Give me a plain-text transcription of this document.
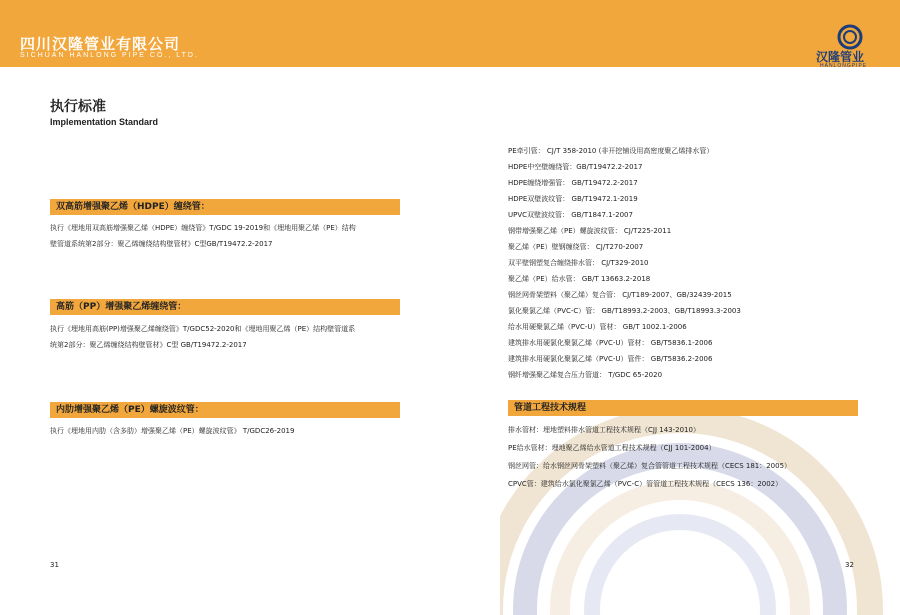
四川汉隆管业有限公司
SICHUAN HANLONG PIPE CO., LTD.	汉隆管业
HANLONGPIPE
执行标准
Implementation Standard
双高筋增强聚乙烯（HDPE）缠绕管：
执行《埋地用双高筋增强聚乙烯（HDPE）缠绕管》T/GDC 19-2019和《埋地用聚乙烯（PE）结构
壁管道系统第2部分：聚乙烯缠绕结构壁管材》C型GB/T19472.2-2017
高筋（PP）增强聚乙烯缠绕管：
执行《埋地用高筋(PP)增强聚乙烯缠绕管》T/GDC52-2020和《埋地用聚乙烯（PE）结构壁管道系
统第2部分：聚乙烯缠绕结构壁管材》C型 GB/T19472.2-2017
内肋增强聚乙烯（PE）螺旋波纹管：
执行《埋地用内肋（含多肋）增强聚乙烯（PE）螺旋波纹管》 T/GDC26-2019
PE牵引管： CJ/T 358-2010 (非开挖铺设用高密度聚乙烯排水管）
HDPE中空壁缠绕管：GB/T19472.2-2017
HDPE缠绕增强管： GB/T19472.2-2017
HDPE双壁波纹管： GB/T19472.1-2019
UPVC双壁波纹管： GB/T1847.1-2007
钢带增强聚乙烯（PE）螺旋波纹管： CJ/T225-2011
聚乙烯（PE）壁钢缠绕管： CJ/T270-2007
双平壁钢塑复合缠绕排水管： CJ/T329-2010
聚乙烯（PE）给水管： GB/T 13663.2-2018
钢丝网骨架塑料（聚乙烯）复合管： CJ/T189-2007、GB/32439-2015
氯化聚氯乙烯（PVC-C）管： GB/T18993.2-2003、GB/T18993.3-2003
给水用硬聚氯乙烯（PVC-U）管材： GB/T 1002.1-2006
建筑排水用硬氯化聚氯乙烯（PVC-U）管材： GB/T5836.1-2006
建筑排水用硬氯化聚氯乙烯（PVC-U）管件： GB/T5836.2-2006
钢纤增强聚乙烯复合压力管道： T/GDC 65-2020
管道工程技术规程
排水管材：埋地塑料排水管道工程技术规程（CJJ 143-2010）
PE给水管材：埋地聚乙烯给水管道工程技术规程（CJJ 101-2004）
钢丝网管：给水钢丝网骨架塑料（聚乙烯）复合管管道工程技术规程（CECS 181：2005）
CPVC管：建筑给水氯化聚氯乙烯（PVC-C）管管道工程技术规程（CECS 136：2002）
31	32
